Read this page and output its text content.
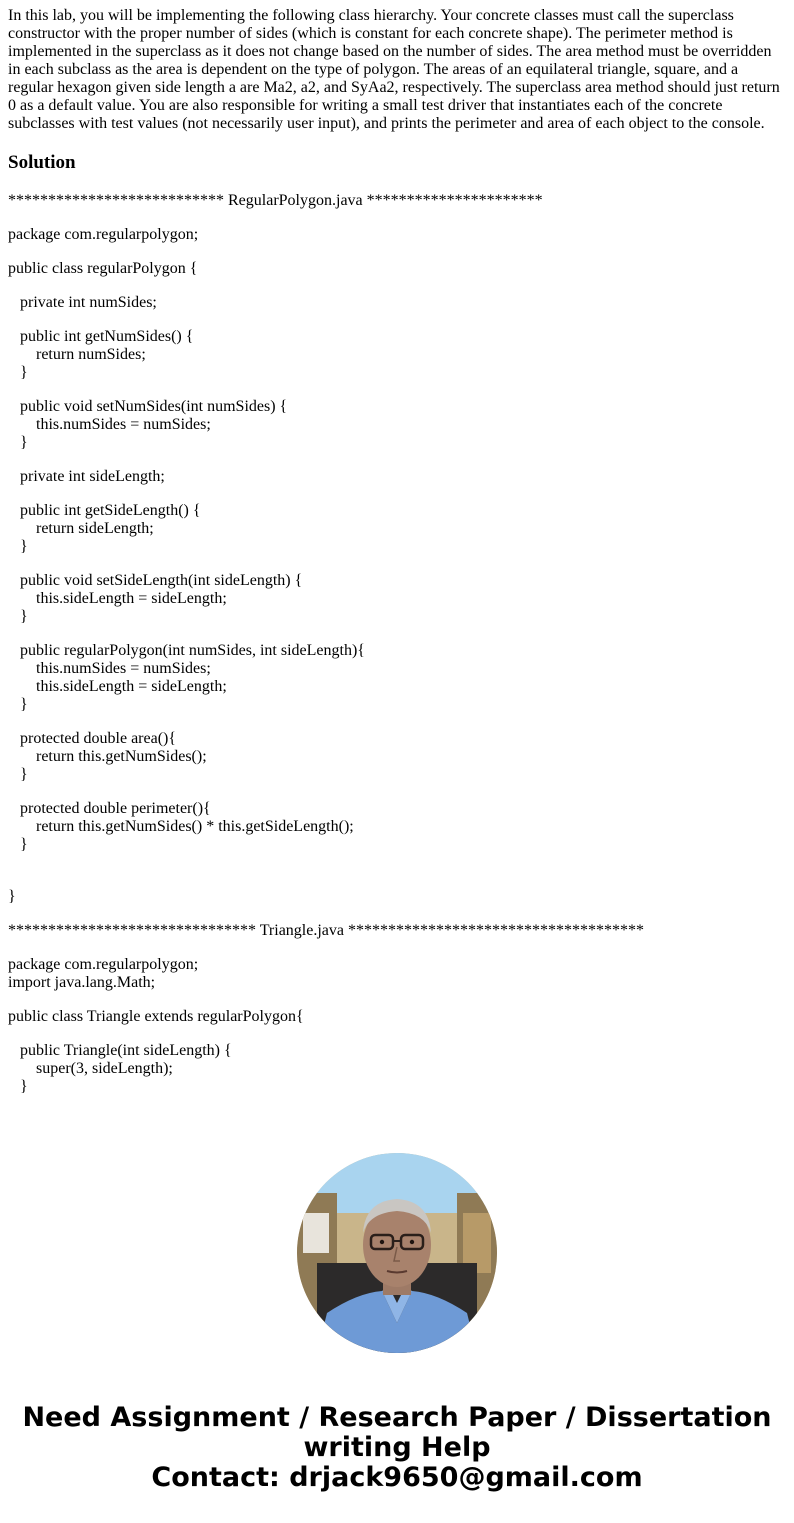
In this lab, you will be implementing the following class hierarchy. Your concrete classes must call the superclass constructor with the proper number of sides (which is constant for each concrete shape). The perimeter method is implemented in the superclass as it does not change based on the number of sides. The area method must be overridden in each subclass as the area is dependent on the type of polygon. The areas of an equilateral triangle, square, and a regular hexagon given side length a are Ma2, a2, and SyAa2, respectively. The superclass area method should just return 0 as a default value. You are also responsible for writing a small test driver that instantiates each of the concrete subclasses with test values (not necessarily user input), and prints the perimeter and area of each object to the console.

Solution
*************************** RegularPolygon.java **********************
package com.regularpolygon;
public class regularPolygon {
private int numSides;
public int getNumSides() {
return numSides;
}
public void setNumSides(int numSides) {
this.numSides = numSides;
}
private int sideLength;
public int getSideLength() {
return sideLength;
}
public void setSideLength(int sideLength) {
this.sideLength = sideLength;
}
public regularPolygon(int numSides, int sideLength){
this.numSides = numSides;
this.sideLength = sideLength;
}
protected double area(){
return this.getNumSides();
}
protected double perimeter(){
return this.getNumSides() * this.getSideLength();
}
}
******************************* Triangle.java *************************************
package com.regularpolygon;
import java.lang.Math;
public class Triangle extends regularPolygon{
public Triangle(int sideLength) {
super(3, sideLength);
}
Need Assignment / Research Paper / Dissertation
writing Help
Contact: drjack9650@gmail.com
